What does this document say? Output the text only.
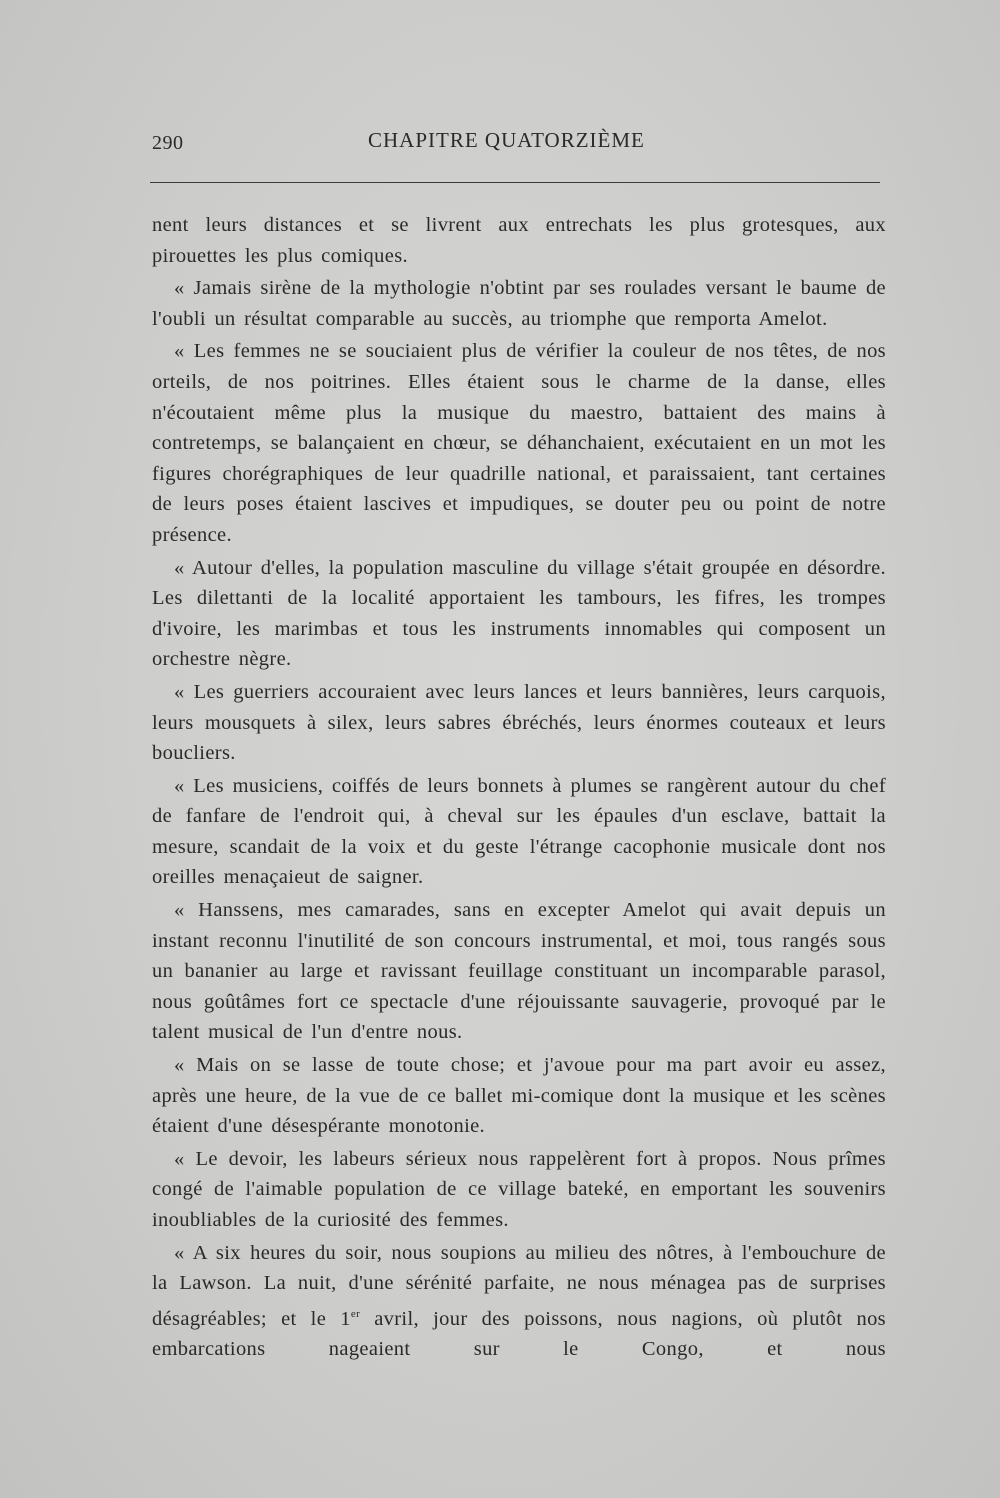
290	CHAPITRE QUATORZIÈME

nent leurs distances et se livrent aux entrechats les plus grotesques, aux pirouettes les plus comiques.

« Jamais sirène de la mythologie n'obtint par ses roulades versant le baume de l'oubli un résultat comparable au succès, au triomphe que remporta Amelot.

« Les femmes ne se souciaient plus de vérifier la couleur de nos têtes, de nos orteils, de nos poitrines. Elles étaient sous le charme de la danse, elles n'écoutaient même plus la musique du maestro, battaient des mains à contretemps, se balançaient en chœur, se déhanchaient, exécutaient en un mot les figures chorégraphiques de leur quadrille national, et paraissaient, tant certaines de leurs poses étaient lascives et impudiques, se douter peu ou point de notre présence.

« Autour d'elles, la population masculine du village s'était groupée en désordre. Les dilettanti de la localité apportaient les tambours, les fifres, les trompes d'ivoire, les marimbas et tous les instruments innomables qui composent un orchestre nègre.

« Les guerriers accouraient avec leurs lances et leurs bannières, leurs carquois, leurs mousquets à silex, leurs sabres ébréchés, leurs énormes couteaux et leurs boucliers.

« Les musiciens, coiffés de leurs bonnets à plumes se rangèrent autour du chef de fanfare de l'endroit qui, à cheval sur les épaules d'un esclave, battait la mesure, scandait de la voix et du geste l'étrange cacophonie musicale dont nos oreilles menaçaieut de saigner.

« Hanssens, mes camarades, sans en excepter Amelot qui avait depuis un instant reconnu l'inutilité de son concours instrumental, et moi, tous rangés sous un bananier au large et ravissant feuillage constituant un incomparable parasol, nous goûtâmes fort ce spectacle d'une réjouissante sauvagerie, provoqué par le talent musical de l'un d'entre nous.

« Mais on se lasse de toute chose; et j'avoue pour ma part avoir eu assez, après une heure, de la vue de ce ballet mi-comique dont la musique et les scènes étaient d'une désespérante monotonie.

« Le devoir, les labeurs sérieux nous rappelèrent fort à propos. Nous prîmes congé de l'aimable population de ce village bateké, en emportant les souvenirs inoubliables de la curiosité des femmes.

« A six heures du soir, nous soupions au milieu des nôtres, à l'embouchure de la Lawson. La nuit, d'une sérénité parfaite, ne nous ménagea pas de surprises désagréables; et le 1er avril, jour des poissons, nous nagions, où plutôt nos embarcations nageaient sur le Congo, et nous
